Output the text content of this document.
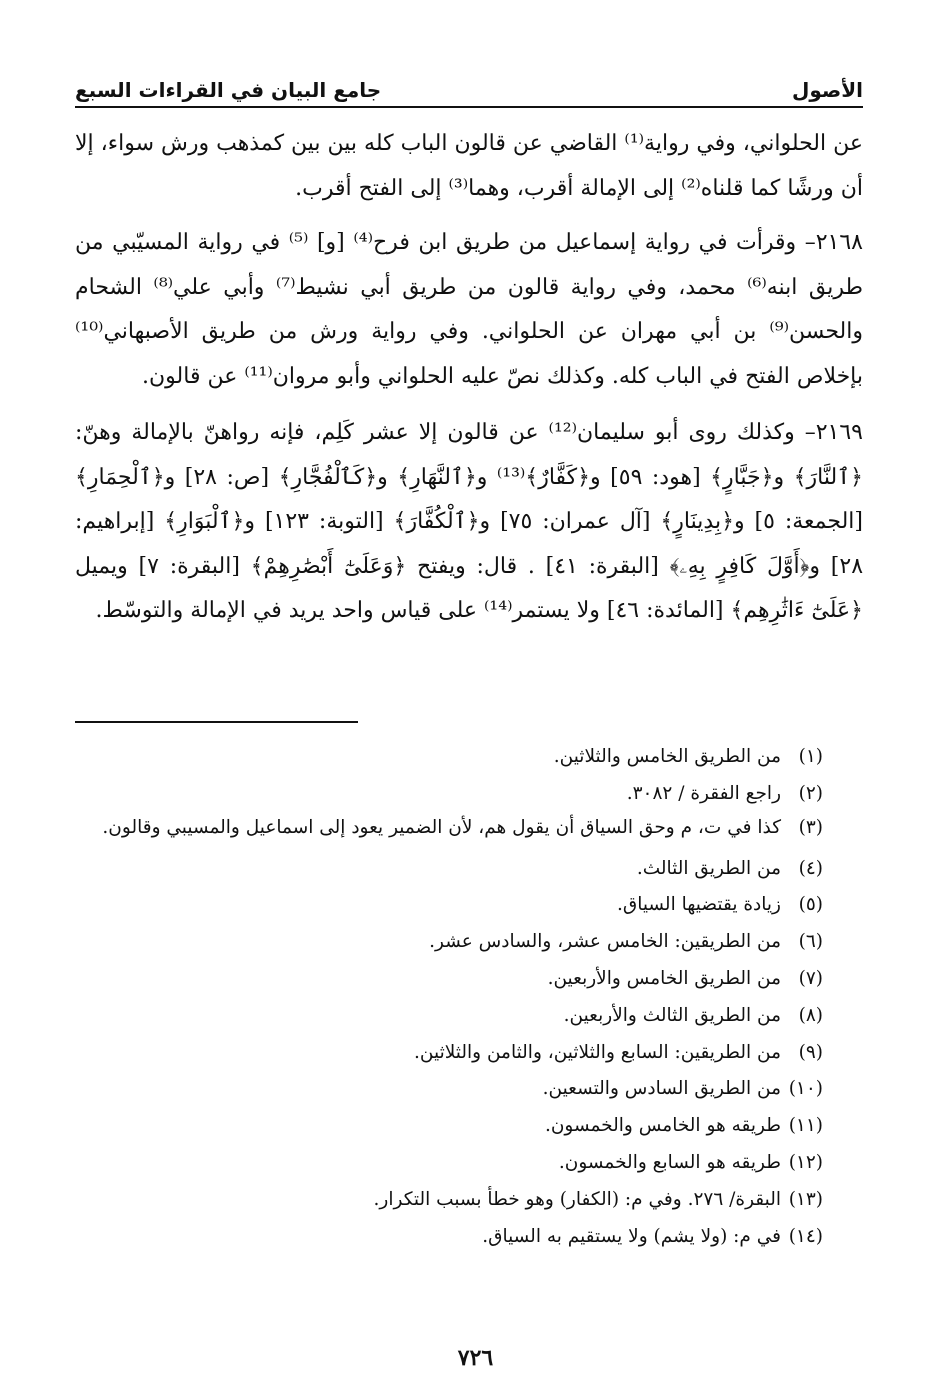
الأصول
جامع البيان في القراءات السبع

عن الحلواني، وفي رواية⁽¹⁾ القاضي عن قالون الباب كله بين بين كمذهب ورش سواء، إلا أن ورشًا كما قلناه⁽²⁾ إلى الإمالة أقرب، وهما⁽³⁾ إلى الفتح أقرب.

٢١٦٨– وقرأت في رواية إسماعيل من طريق ابن فرح⁽⁴⁾ [و] ⁽⁵⁾ في رواية المسيّبي من طريق ابنه⁽⁶⁾ محمد، وفي رواية قالون من طريق أبي نشيط⁽⁷⁾ وأبي علي⁽⁸⁾ الشحام والحسن⁽⁹⁾ بن أبي مهران عن الحلواني. وفي رواية ورش من طريق الأصبهاني⁽¹⁰⁾ بإخلاص الفتح في الباب كله. وكذلك نصّ عليه الحلواني وأبو مروان⁽¹¹⁾ عن قالون.

٢١٦٩– وكذلك روى أبو سليمان⁽¹²⁾ عن قالون إلا عشر كَلِم، فإنه رواهنّ بالإمالة وهنّ: ﴿ٱلنَّارَ﴾ و﴿جَبَّارٍ﴾ [هود: ٥٩] و﴿كَفَّارٌ﴾⁽¹³⁾ و﴿ٱلنَّهَارِ﴾ و﴿كَٱلْفُجَّارِ﴾ [ص: ٢٨] و﴿ٱلْحِمَارِ﴾ [الجمعة: ٥] و﴿بِدِينَارٍ﴾ [آل عمران: ٧٥] و﴿ٱلْكُفَّارَ﴾ [التوبة: ١٢٣] و﴿ٱلْبَوَارِ﴾ [إبراهيم: ٢٨] و﴿أَوَّلَ كَافِرٍ بِهِۦ﴾ [البقرة: ٤١] . قال: ويفتح ﴿وَعَلَىٰٓ أَبْصَٰرِهِمْ﴾ [البقرة: ٧] ويميل ﴿عَلَىٰٓ ءَاثَٰرِهِم﴾ [المائدة: ٤٦] ولا يستمر⁽¹⁴⁾ على قياس واحد يريد في الإمالة والتوسّط.

(١)
من الطريق الخامس والثلاثين.
(٢)
راجع الفقرة / ٣٠٨٢.
(٣)
كذا في ت، م وحق السياق أن يقول هم، لأن الضمير يعود إلى اسماعيل والمسيبي وقالون.
(٤)
من الطريق الثالث.
(٥)
زيادة يقتضيها السياق.
(٦)
من الطريقين: الخامس عشر، والسادس عشر.
(٧)
من الطريق الخامس والأربعين.
(٨)
من الطريق الثالث والأربعين.
(٩)
من الطريقين: السابع والثلاثين، والثامن والثلاثين.
(١٠)
من الطريق السادس والتسعين.
(١١)
طريقه هو الخامس والخمسون.
(١٢)
طريقه هو السابع والخمسون.
(١٣)
البقرة/ ٢٧٦. وفي م: (الكفار) وهو خطأ بسبب التكرار.
(١٤)
في م: (ولا يشم) ولا يستقيم به السياق.
٧٢٦
